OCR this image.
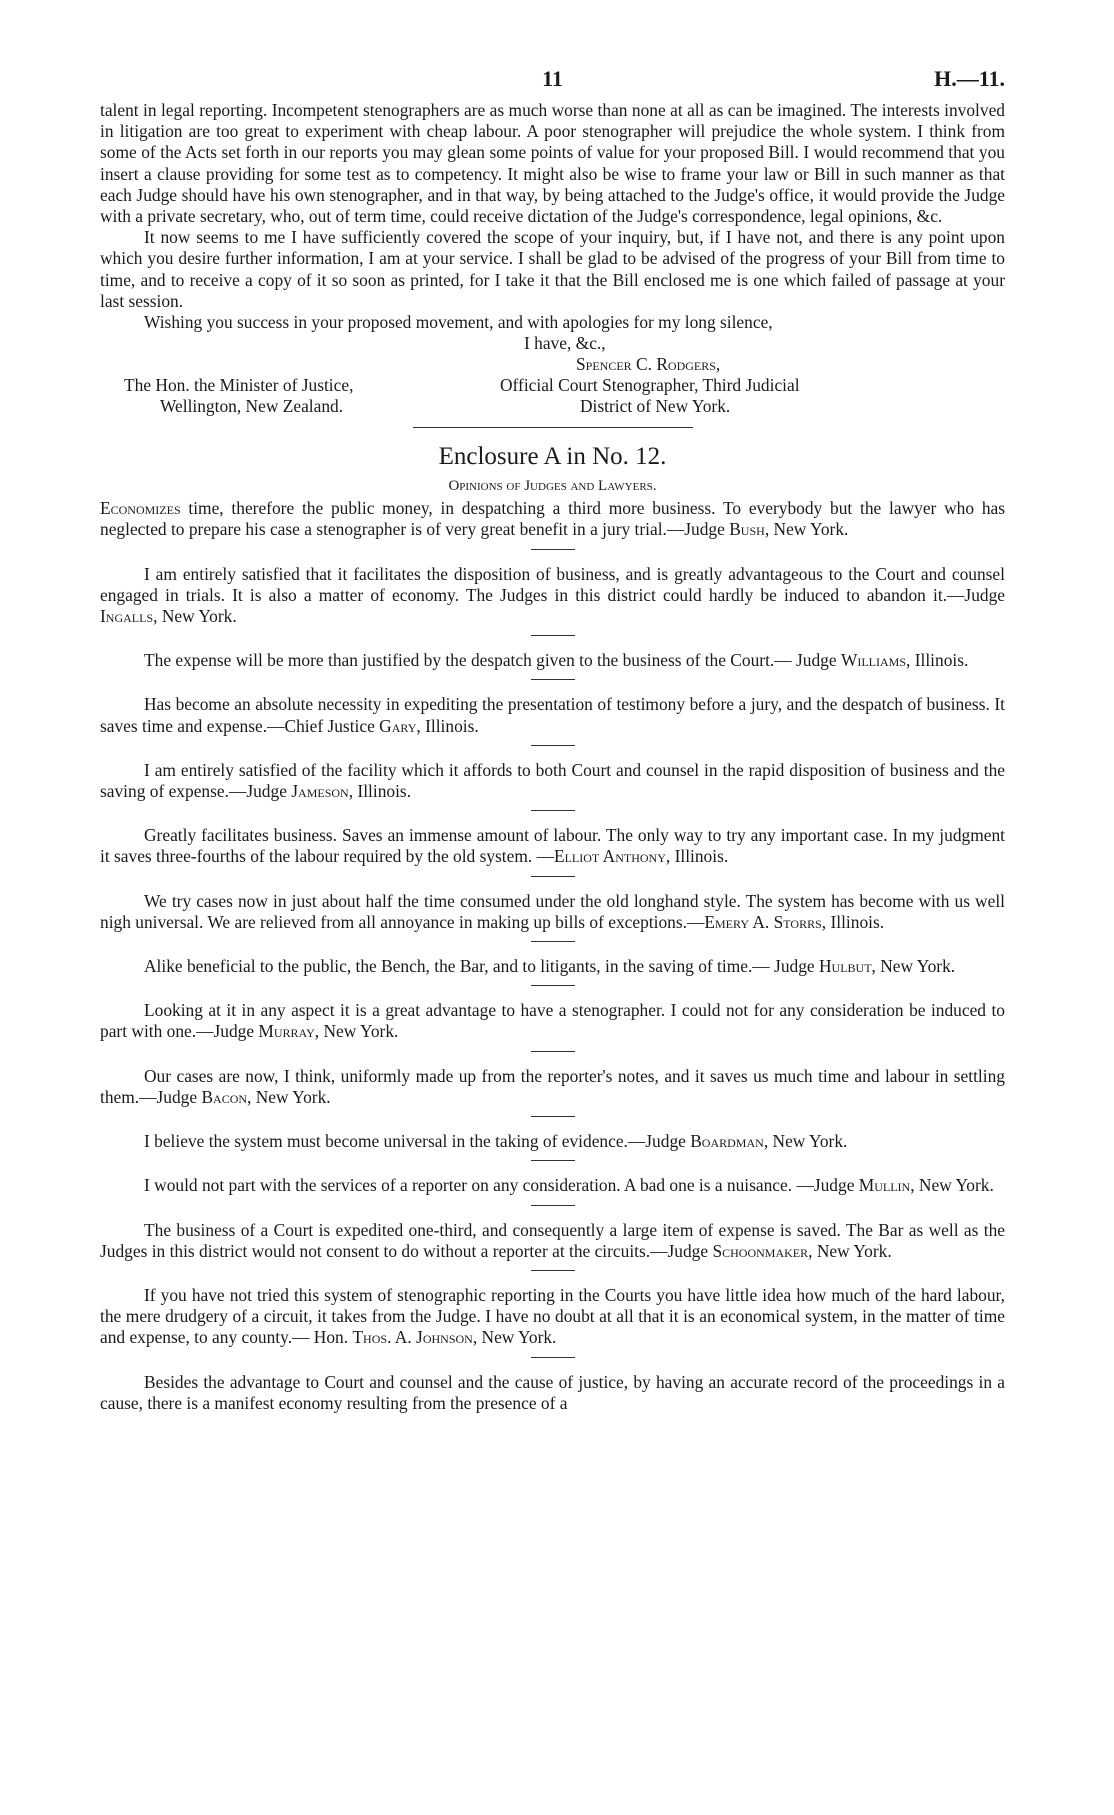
11	H.—11.

talent in legal reporting. Incompetent stenographers are as much worse than none at all as can be imagined. The interests involved in litigation are too great to experiment with cheap labour. A poor stenographer will prejudice the whole system. I think from some of the Acts set forth in our reports you may glean some points of value for your proposed Bill. I would recommend that you insert a clause providing for some test as to competency. It might also be wise to frame your law or Bill in such manner as that each Judge should have his own stenographer, and in that way, by being attached to the Judge's office, it would provide the Judge with a private secretary, who, out of term time, could receive dictation of the Judge's correspondence, legal opinions, &c.

It now seems to me I have sufficiently covered the scope of your inquiry, but, if I have not, and there is any point upon which you desire further information, I am at your service. I shall be glad to be advised of the progress of your Bill from time to time, and to receive a copy of it so soon as printed, for I take it that the Bill enclosed me is one which failed of passage at your last session.

Wishing you success in your proposed movement, and with apologies for my long silence,

I have, &c.,
Spencer C. Rodgers,
Official Court Stenographer, Third Judicial
District of New York.
The Hon. the Minister of Justice,
Wellington, New Zealand.
Enclosure A in No. 12.
Opinions of Judges and Lawyers.

Economizes time, therefore the public money, in despatching a third more business. To everybody but the lawyer who has neglected to prepare his case a stenographer is of very great benefit in a jury trial.—Judge Bush, New York.

I am entirely satisfied that it facilitates the disposition of business, and is greatly advantageous to the Court and counsel engaged in trials. It is also a matter of economy. The Judges in this district could hardly be induced to abandon it.—Judge Ingalls, New York.

The expense will be more than justified by the despatch given to the business of the Court.— Judge Williams, Illinois.

Has become an absolute necessity in expediting the presentation of testimony before a jury, and the despatch of business. It saves time and expense.—Chief Justice Gary, Illinois.

I am entirely satisfied of the facility which it affords to both Court and counsel in the rapid disposition of business and the saving of expense.—Judge Jameson, Illinois.

Greatly facilitates business. Saves an immense amount of labour. The only way to try any important case. In my judgment it saves three-fourths of the labour required by the old system. —Elliot Anthony, Illinois.

We try cases now in just about half the time consumed under the old longhand style. The system has become with us well nigh universal. We are relieved from all annoyance in making up bills of exceptions.—Emery A. Storrs, Illinois.

Alike beneficial to the public, the Bench, the Bar, and to litigants, in the saving of time.— Judge Hulbut, New York.

Looking at it in any aspect it is a great advantage to have a stenographer. I could not for any consideration be induced to part with one.—Judge Murray, New York.

Our cases are now, I think, uniformly made up from the reporter's notes, and it saves us much time and labour in settling them.—Judge Bacon, New York.

I believe the system must become universal in the taking of evidence.—Judge Boardman, New York.

I would not part with the services of a reporter on any consideration. A bad one is a nuisance. —Judge Mullin, New York.

The business of a Court is expedited one-third, and consequently a large item of expense is saved. The Bar as well as the Judges in this district would not consent to do without a reporter at the circuits.—Judge Schoonmaker, New York.

If you have not tried this system of stenographic reporting in the Courts you have little idea how much of the hard labour, the mere drudgery of a circuit, it takes from the Judge. I have no doubt at all that it is an economical system, in the matter of time and expense, to any county.— Hon. Thos. A. Johnson, New York.

Besides the advantage to Court and counsel and the cause of justice, by having an accurate record of the proceedings in a cause, there is a manifest economy resulting from the presence of a
